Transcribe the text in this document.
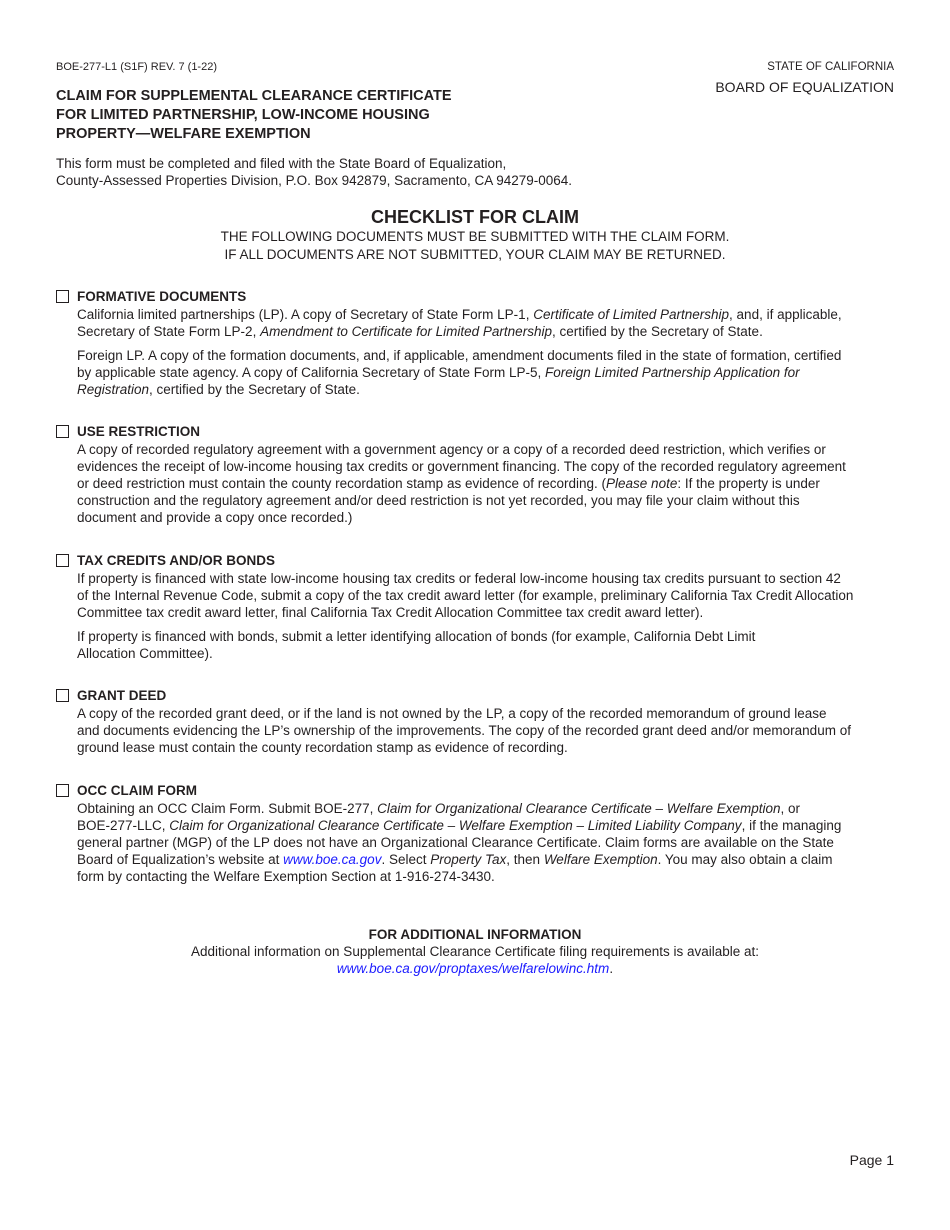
BOE-277-L1 (S1F) REV. 7 (1-22)	STATE OF CALIFORNIA
BOARD OF EQUALIZATION
CLAIM FOR SUPPLEMENTAL CLEARANCE CERTIFICATE
FOR LIMITED PARTNERSHIP, LOW-INCOME HOUSING
PROPERTY—WELFARE EXEMPTION
This form must be completed and filed with the State Board of Equalization,
County-Assessed Properties Division, P.O. Box 942879, Sacramento, CA 94279-0064.
CHECKLIST FOR CLAIM
THE FOLLOWING DOCUMENTS MUST BE SUBMITTED WITH THE CLAIM FORM.
IF ALL DOCUMENTS ARE NOT SUBMITTED, YOUR CLAIM MAY BE RETURNED.
FORMATIVE DOCUMENTS

California limited partnerships (LP). A copy of Secretary of State Form LP-1, Certificate of Limited Partnership, and, if applicable,
Secretary of State Form LP-2, Amendment to Certificate for Limited Partnership, certified by the Secretary of State.

Foreign LP. A copy of the formation documents, and, if applicable, amendment documents filed in the state of formation, certified
by applicable state agency. A copy of California Secretary of State Form LP-5, Foreign Limited Partnership Application for
Registration, certified by the Secretary of State.

USE RESTRICTION

A copy of recorded regulatory agreement with a government agency or a copy of a recorded deed restriction, which verifies or
evidences the receipt of low-income housing tax credits or government financing. The copy of the recorded regulatory agreement
or deed restriction must contain the county recordation stamp as evidence of recording. (Please note: If the property is under
construction and the regulatory agreement and/or deed restriction is not yet recorded, you may file your claim without this
document and provide a copy once recorded.)

TAX CREDITS AND/OR BONDS

If property is financed with state low-income housing tax credits or federal low-income housing tax credits pursuant to section 42
of the Internal Revenue Code, submit a copy of the tax credit award letter (for example, preliminary California Tax Credit Allocation
Committee tax credit award letter, final California Tax Credit Allocation Committee tax credit award letter).

If property is financed with bonds, submit a letter identifying allocation of bonds (for example, California Debt Limit
Allocation Committee).

GRANT DEED

A copy of the recorded grant deed, or if the land is not owned by the LP, a copy of the recorded memorandum of ground lease
and documents evidencing the LP’s ownership of the improvements. The copy of the recorded grant deed and/or memorandum of
ground lease must contain the county recordation stamp as evidence of recording.

OCC CLAIM FORM

Obtaining an OCC Claim Form. Submit BOE-277, Claim for Organizational Clearance Certificate – Welfare Exemption, or
BOE-277-LLC, Claim for Organizational Clearance Certificate – Welfare Exemption – Limited Liability Company, if the managing
general partner (MGP) of the LP does not have an Organizational Clearance Certificate. Claim forms are available on the State
Board of Equalization’s website at www.boe.ca.gov. Select Property Tax, then Welfare Exemption. You may also obtain a claim
form by contacting the Welfare Exemption Section at 1-916-274-3430.

FOR ADDITIONAL INFORMATION
Additional information on Supplemental Clearance Certificate filing requirements is available at:
www.boe.ca.gov/proptaxes/welfarelowinc.htm.
Page 1
